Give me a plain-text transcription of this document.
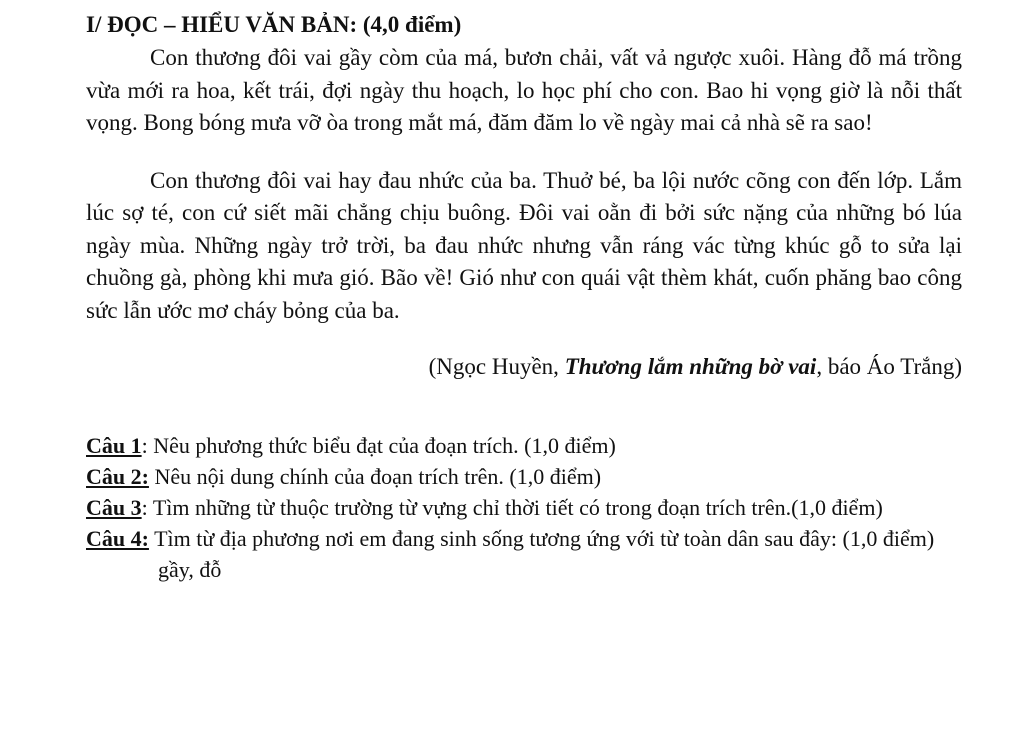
I/ ĐỌC – HIỂU VĂN BẢN: (4,0 điểm)

Con thương đôi vai gầy còm của má, bươn chải, vất vả ngược xuôi. Hàng đỗ má trồng vừa mới ra hoa, kết trái, đợi ngày thu hoạch, lo học phí cho con. Bao hi vọng giờ là nỗi thất vọng. Bong bóng mưa vỡ òa trong mắt má, đăm đăm lo về ngày mai cả nhà sẽ ra sao!

Con thương đôi vai hay đau nhức của ba. Thuở bé, ba lội nước cõng con đến lớp. Lắm lúc sợ té, con cứ siết mãi chẳng chịu buông. Đôi vai oằn đi bởi sức nặng của những bó lúa ngày mùa. Những ngày trở trời, ba đau nhức nhưng vẫn ráng vác từng khúc gỗ to sửa lại chuồng gà, phòng khi mưa gió. Bão về! Gió như con quái vật thèm khát, cuốn phăng bao công sức lẫn ước mơ cháy bỏng của ba.

(Ngọc Huyền, Thương lắm những bờ vai, báo Áo Trắng)

Câu 1: Nêu phương thức biểu đạt của đoạn trích. (1,0 điểm)

Câu 2: Nêu nội dung chính của đoạn trích trên. (1,0 điểm)

Câu 3: Tìm những từ thuộc trường từ vựng chỉ thời tiết có trong đoạn trích trên.(1,0 điểm)

Câu 4: Tìm từ địa phương nơi em đang sinh sống tương ứng với từ toàn dân sau đây: (1,0 điểm)

gầy, đỗ
